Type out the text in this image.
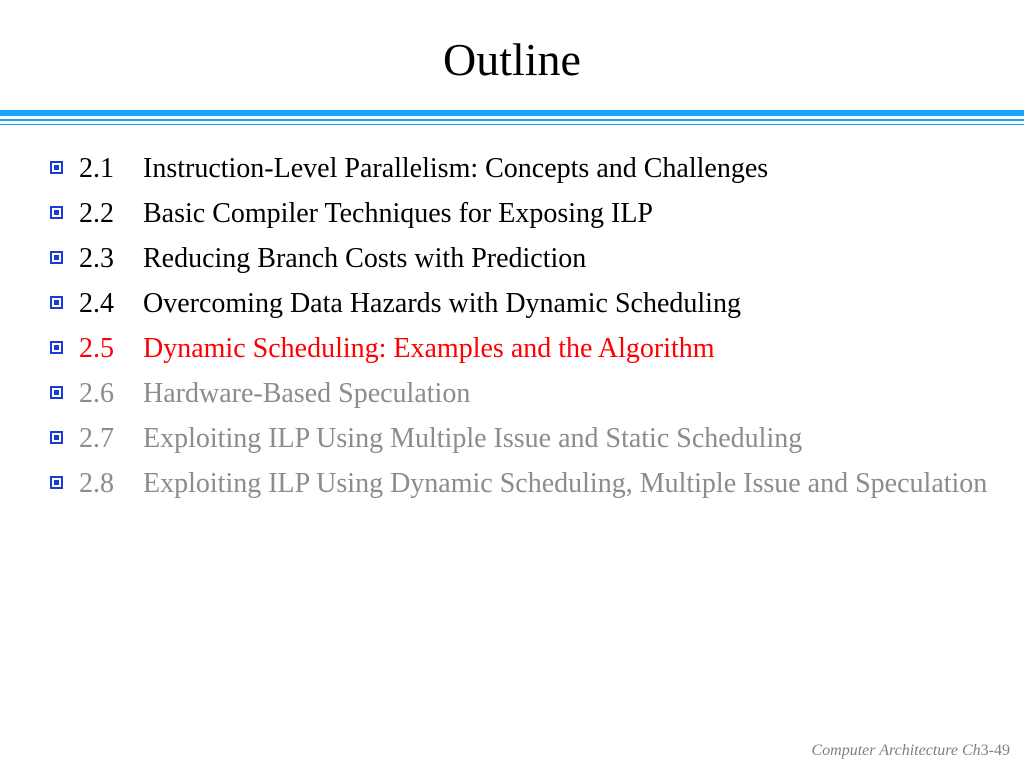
Outline
2.1	Instruction-Level Parallelism: Concepts and Challenges
2.2	Basic Compiler Techniques for Exposing ILP
2.3	Reducing Branch Costs with Prediction
2.4	Overcoming Data Hazards with Dynamic Scheduling
2.5	Dynamic Scheduling: Examples and the Algorithm
2.6	Hardware-Based Speculation
2.7	Exploiting ILP Using Multiple Issue and Static Scheduling
2.8	Exploiting ILP Using Dynamic Scheduling, Multiple Issue and Speculation
Computer Architecture Ch3-49
